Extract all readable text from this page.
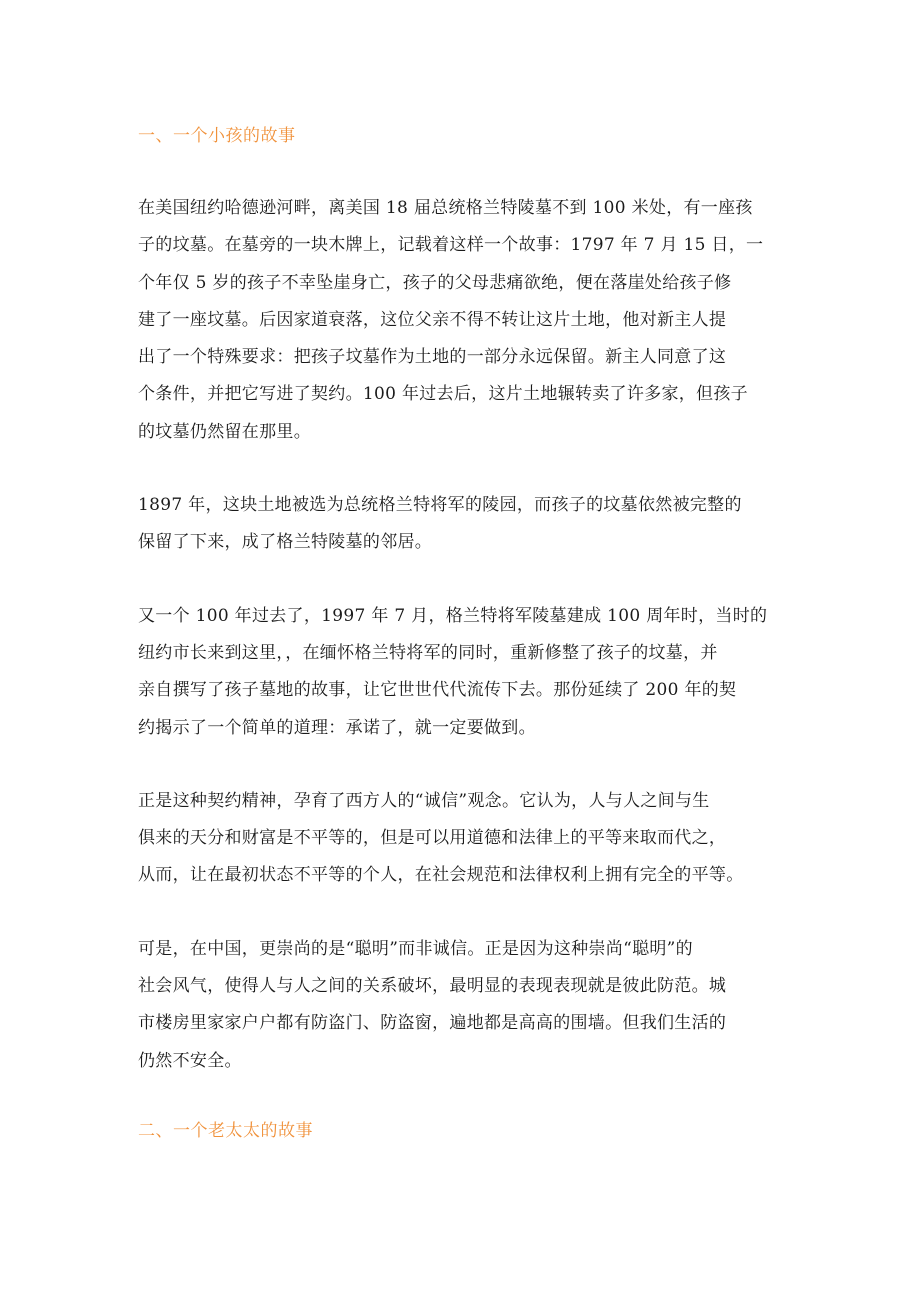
一、一个小孩的故事

在美国纽约哈德逊河畔，离美国 18 届总统格兰特陵墓不到 100 米处，有一座孩
子的坟墓。在墓旁的一块木牌上，记载着这样一个故事：1797 年 7 月 15 日，一
个年仅 5 岁的孩子不幸坠崖身亡，孩子的父母悲痛欲绝，便在落崖处给孩子修
建了一座坟墓。后因家道衰落，这位父亲不得不转让这片土地，他对新主人提
出了一个特殊要求：把孩子坟墓作为土地的一部分永远保留。新主人同意了这
个条件，并把它写进了契约。100 年过去后，这片土地辗转卖了许多家，但孩子
的坟墓仍然留在那里。

1897 年，这块土地被选为总统格兰特将军的陵园，而孩子的坟墓依然被完整的
保留了下来，成了格兰特陵墓的邻居。

又一个 100 年过去了，1997 年 7 月，格兰特将军陵墓建成 100 周年时，当时的
纽约市长来到这里，，在缅怀格兰特将军的同时，重新修整了孩子的坟墓，并
亲自撰写了孩子墓地的故事，让它世世代代流传下去。那份延续了 200 年的契
约揭示了一个简单的道理：承诺了，就一定要做到。

正是这种契约精神，孕育了西方人的“诚信”观念。它认为，人与人之间与生
俱来的天分和财富是不平等的，但是可以用道德和法律上的平等来取而代之，
从而，让在最初状态不平等的个人，在社会规范和法律权利上拥有完全的平等。

可是，在中国，更崇尚的是“聪明”而非诚信。正是因为这种崇尚“聪明”的
社会风气，使得人与人之间的关系破坏，最明显的表现表现就是彼此防范。城
市楼房里家家户户都有防盗门、防盗窗，遍地都是高高的围墙。但我们生活的
仍然不安全。

二、一个老太太的故事
